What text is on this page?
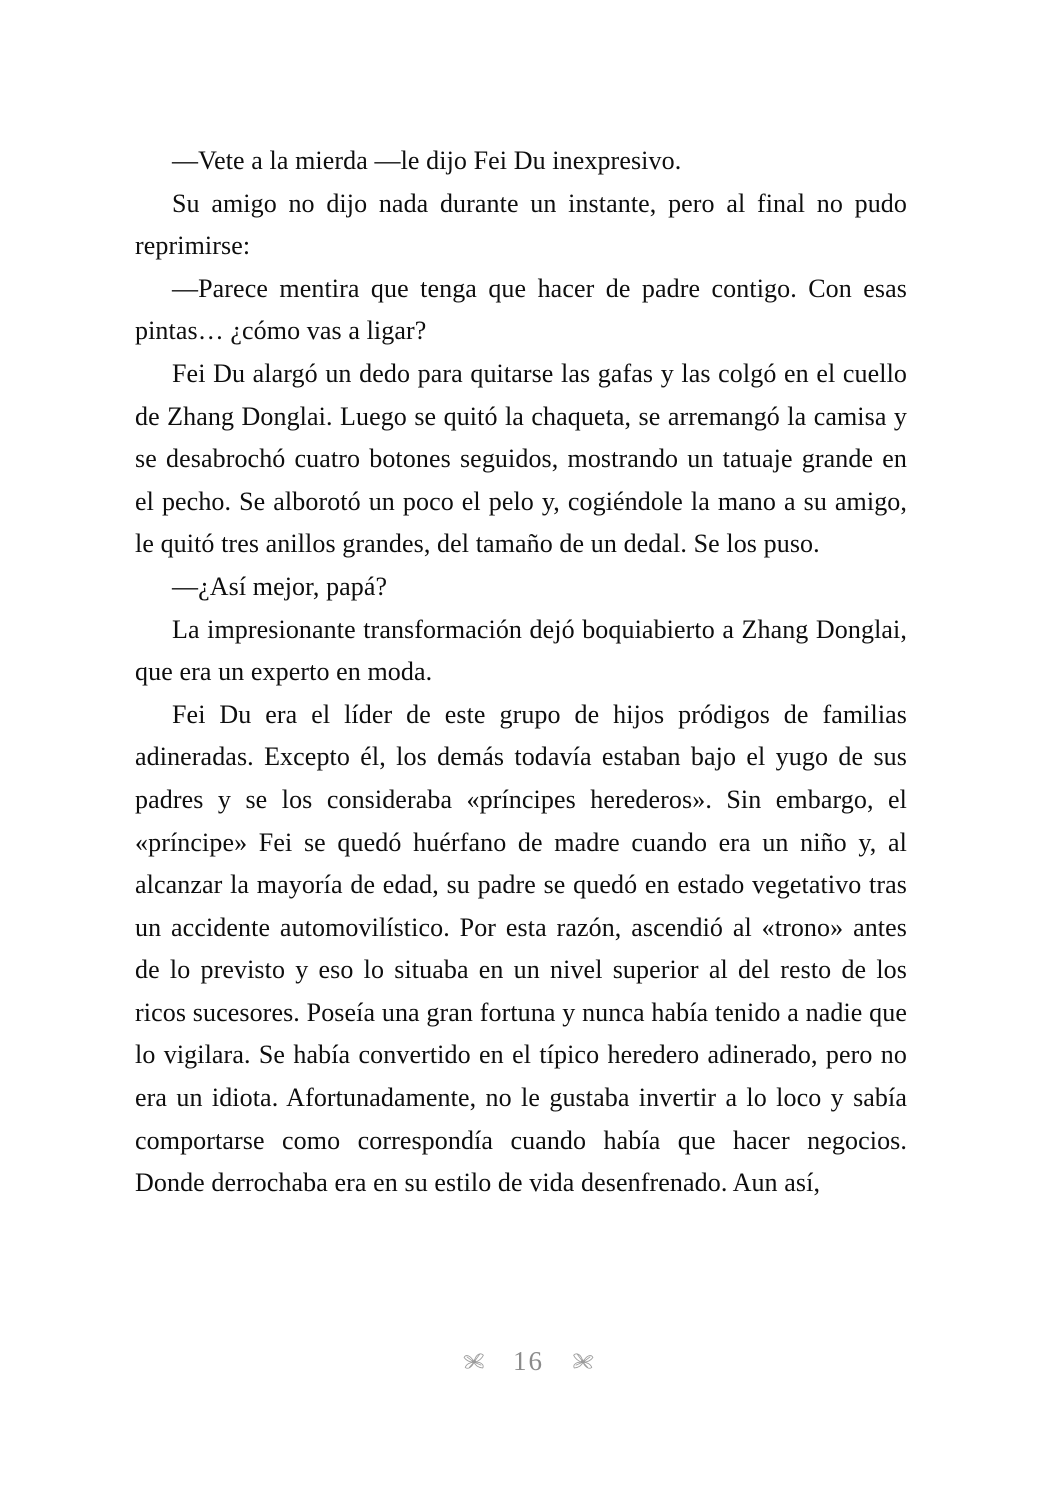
—Vete a la mierda —le dijo Fei Du inexpresivo.

Su amigo no dijo nada durante un instante, pero al final no pudo reprimirse:

—Parece mentira que tenga que hacer de padre contigo. Con esas pintas… ¿cómo vas a ligar?

Fei Du alargó un dedo para quitarse las gafas y las colgó en el cuello de Zhang Donglai. Luego se quitó la chaqueta, se arremangó la camisa y se desabrochó cuatro botones seguidos, mostrando un tatuaje grande en el pecho. Se alborotó un poco el pelo y, cogiéndole la mano a su amigo, le quitó tres anillos grandes, del tamaño de un dedal. Se los puso.

—¿Así mejor, papá?

La impresionante transformación dejó boquiabierto a Zhang Donglai, que era un experto en moda.

Fei Du era el líder de este grupo de hijos pródigos de familias adineradas. Excepto él, los demás todavía estaban bajo el yugo de sus padres y se los consideraba «príncipes herederos». Sin embargo, el «príncipe» Fei se quedó huérfano de madre cuando era un niño y, al alcanzar la mayoría de edad, su padre se quedó en estado vegetativo tras un accidente automovilístico. Por esta razón, ascendió al «trono» antes de lo previsto y eso lo situaba en un nivel superior al del resto de los ricos sucesores. Poseía una gran fortuna y nunca había tenido a nadie que lo vigilara. Se había convertido en el típico heredero adinerado, pero no era un idiota. Afortunadamente, no le gustaba invertir a lo loco y sabía comportarse como correspondía cuando había que hacer negocios. Donde derrochaba era en su estilo de vida desenfrenado. Aun así,

16
